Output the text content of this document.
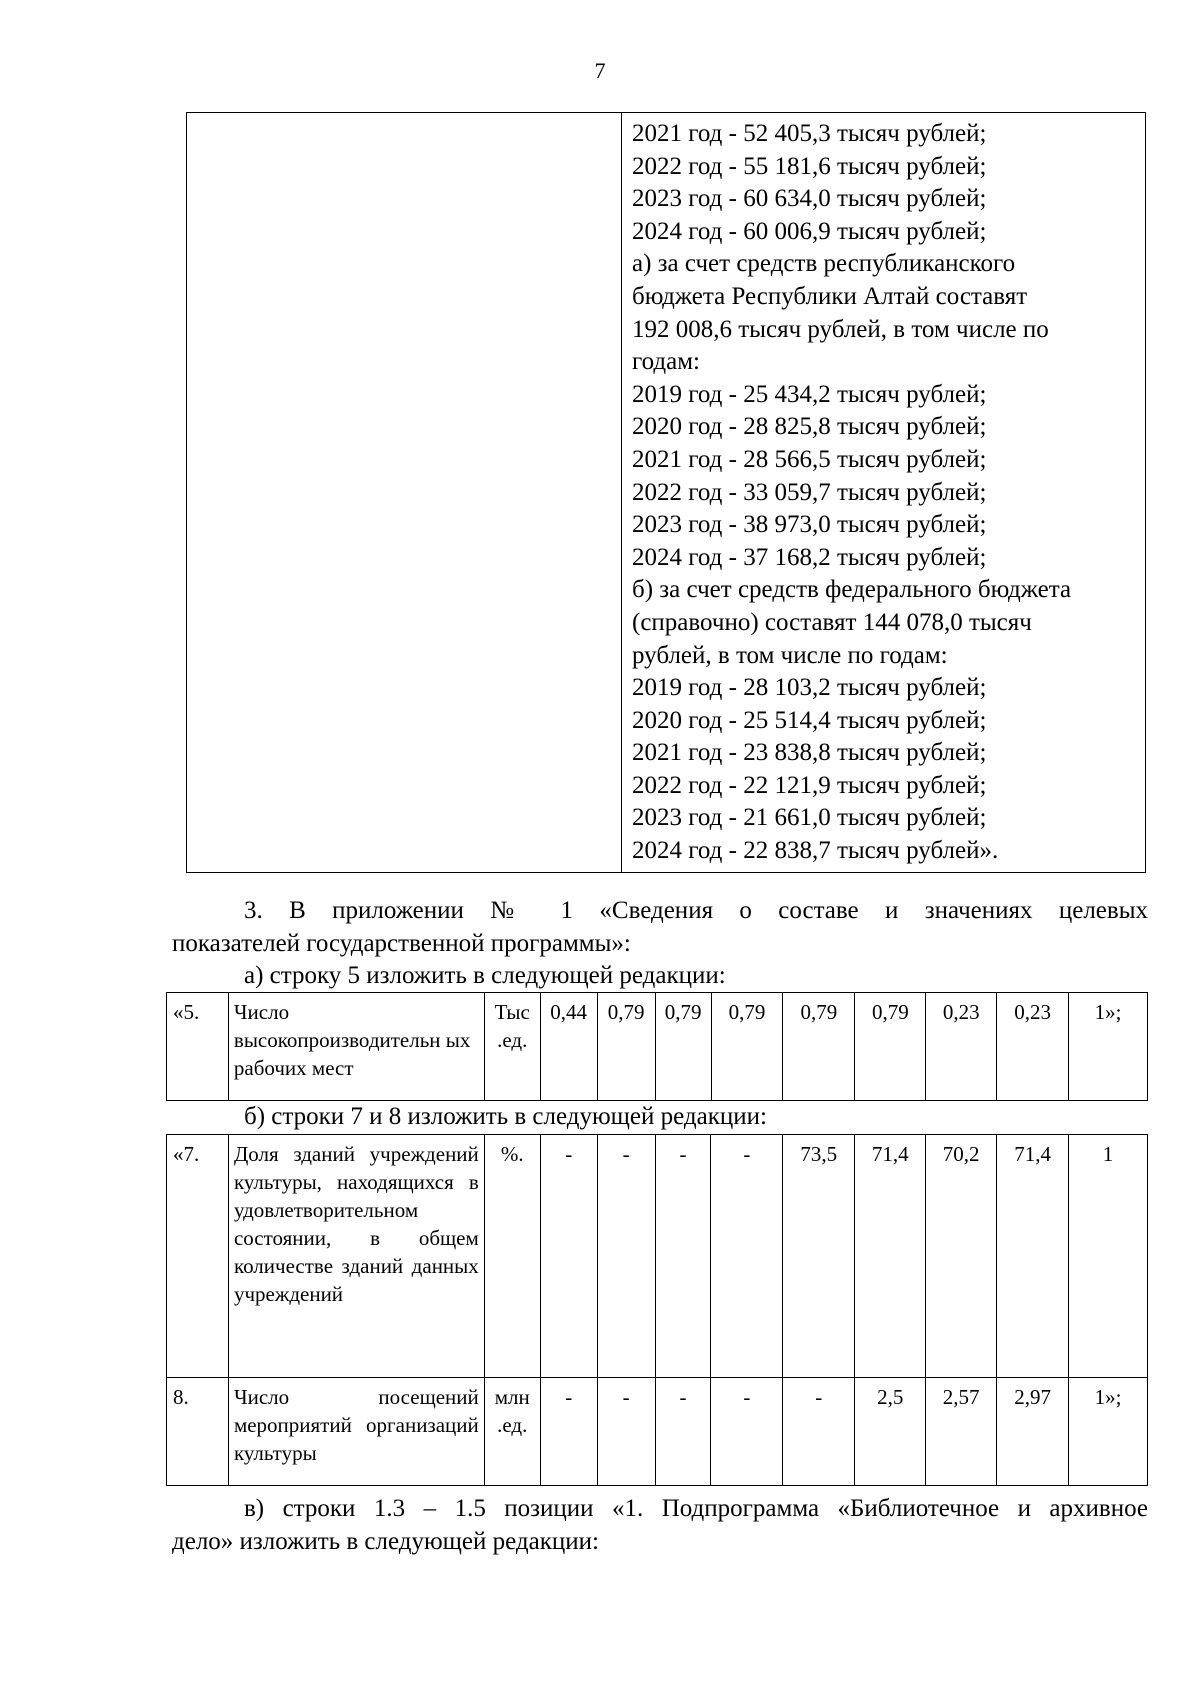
7

2021 год - 52 405,3 тысяч рублей;
2022 год - 55 181,6 тысяч рублей;
2023 год - 60 634,0 тысяч рублей;
2024 год - 60 006,9 тысяч рублей;
а) за счет средств республиканского
бюджета Республики Алтай составят
192 008,6 тысяч рублей, в том числе по
годам:
2019 год - 25 434,2 тысяч рублей;
2020 год - 28 825,8 тысяч рублей;
2021 год - 28 566,5 тысяч рублей;
2022 год - 33 059,7 тысяч рублей;
2023 год - 38 973,0 тысяч рублей;
2024 год - 37 168,2 тысяч рублей;
б) за счет средств федерального бюджета
(справочно) составят 144 078,0 тысяч
рублей, в том числе по годам:
2019 год - 28 103,2 тысяч рублей;
2020 год - 25 514,4 тысяч рублей;
2021 год - 23 838,8 тысяч рублей;
2022 год - 22 121,9 тысяч рублей;
2023 год - 21 661,0 тысяч рублей;
2024 год - 22 838,7 тысяч рублей».
3. В приложении № 1 «Сведения о составе и значениях целевых
показателей государственной программы»:
а) строку 5 изложить в следующей редакции:
«5.	Число высокопроизводительн ых рабочих мест	Тыс .ед.	0,44	0,79	0,79	0,79	0,79	0,79	0,23	0,23	1»;
б) строки 7 и 8 изложить в следующей редакции:
«7.	Доля зданий учреждений культуры, находящихся в удовлетворительном состоянии, в общем количестве зданий данных учреждений	%.	-	-	-	-	73,5	71,4	70,2	71,4	1
8.	Число посещений мероприятий организаций культуры	млн .ед.	-	-	-	-	-	2,5	2,57	2,97	1»;
в) строки 1.3 – 1.5 позиции «1. Подпрограмма «Библиотечное и архивное
дело» изложить в следующей редакции:
